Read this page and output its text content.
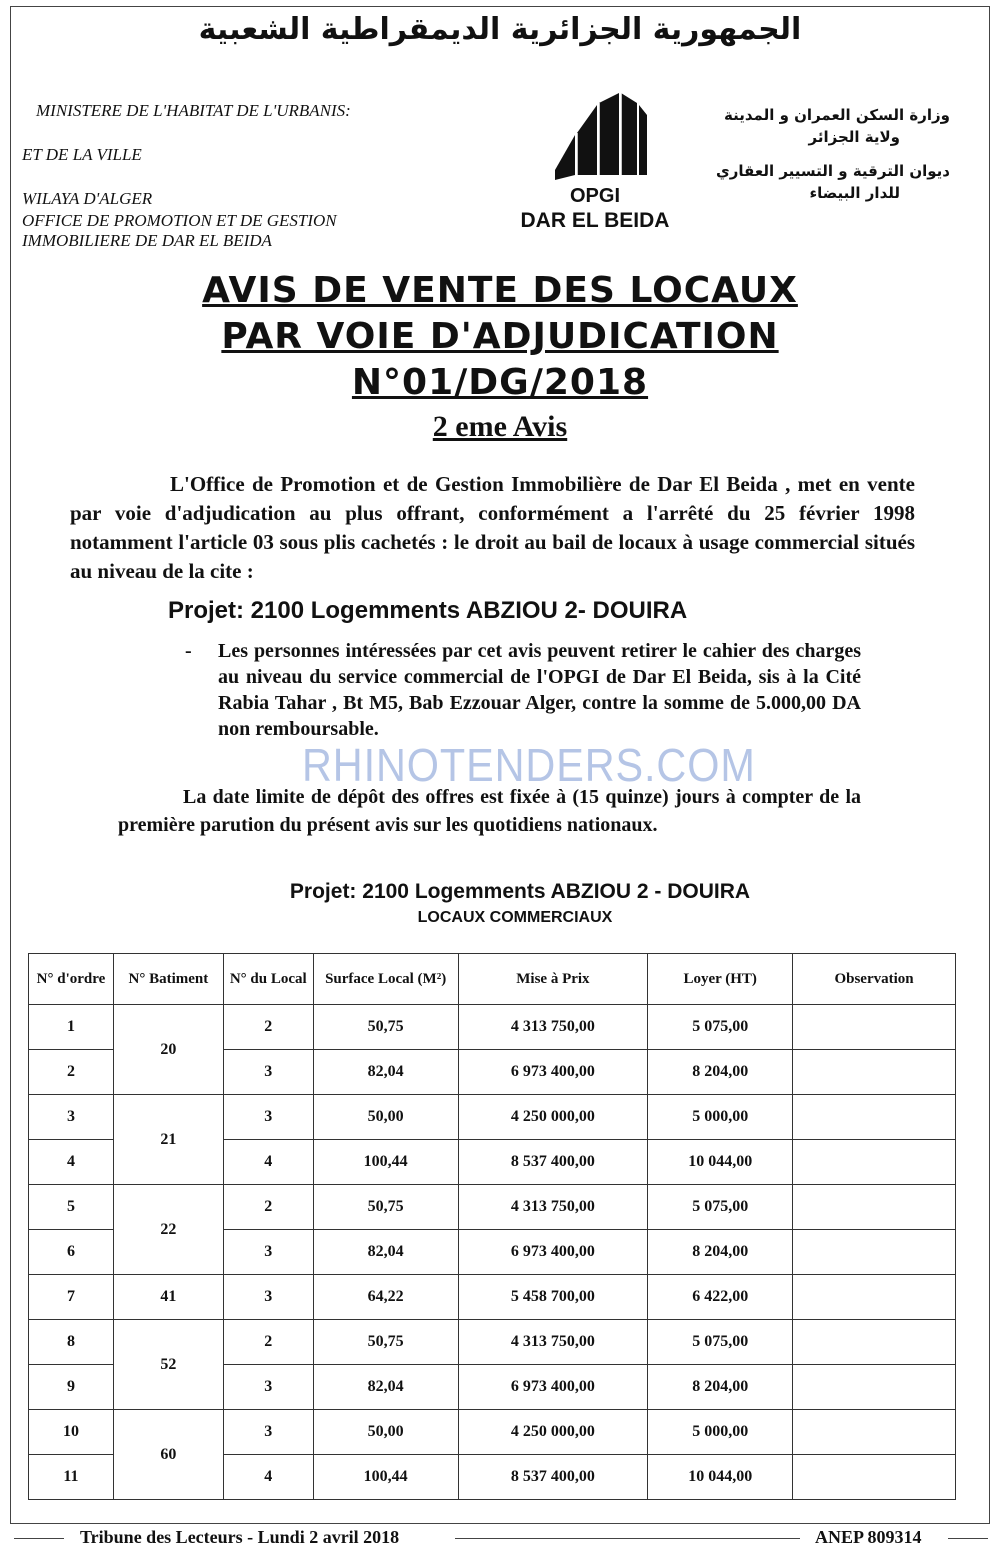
الجمهورية الجزائرية الديمقراطية الشعبية
MINISTERE DE L'HABITAT DE L'URBANIS:
ET DE LA VILLE
WILAYA D'ALGER
OFFICE DE PROMOTION ET DE GESTION
IMMOBILIERE DE DAR EL BEIDA
OPGI
DAR EL BEIDA
وزارة السكن العمران و المدينة
ولاية الجزائر
ديوان الترقية و التسيير العقاري
للدار البيضاء
AVIS DE VENTE DES LOCAUX
PAR VOIE D'ADJUDICATION
N°01/DG/2018
2 eme Avis
L'Office de Promotion et de Gestion Immobilière de Dar El Beida , met en vente par voie d'adjudication au plus offrant, conformément a l'arrêté du 25 février 1998 notamment l'article 03 sous plis cachetés : le droit au bail de locaux à usage commercial situés au niveau de la cite :
Projet: 2100 Logemments ABZIOU 2- DOUIRA
- Les personnes intéressées par cet avis peuvent retirer le cahier des charges au niveau du service commercial de l'OPGI de Dar El Beida, sis à la Cité Rabia Tahar , Bt M5, Bab Ezzouar Alger, contre la somme de 5.000,00 DA non remboursable.
La date limite de dépôt des offres est fixée à (15 quinze) jours à compter de la première parution du présent avis sur les quotidiens nationaux.
RHINOTENDERS.COM
Projet: 2100 Logemments ABZIOU 2 - DOUIRA
LOCAUX COMMERCIAUX
N° d'ordre	N° Batiment	N° du Local	Surface Local (M²)	Mise à Prix	Loyer (HT)	Observation
1	20	2	50,75	4 313 750,00	5 075,00	
2		3	82,04	6 973 400,00	8 204,00	
3	21	3	50,00	4 250 000,00	5 000,00	
4		4	100,44	8 537 400,00	10 044,00	
5	22	2	50,75	4 313 750,00	5 075,00	
6		3	82,04	6 973 400,00	8 204,00	
7	41	3	64,22	5 458 700,00	6 422,00	
8	52	2	50,75	4 313 750,00	5 075,00	
9		3	82,04	6 973 400,00	8 204,00	
10	60	3	50,00	4 250 000,00	5 000,00	
11		4	100,44	8 537 400,00	10 044,00	
Tribune des Lecteurs - Lundi 2 avril 2018	ANEP 809314
